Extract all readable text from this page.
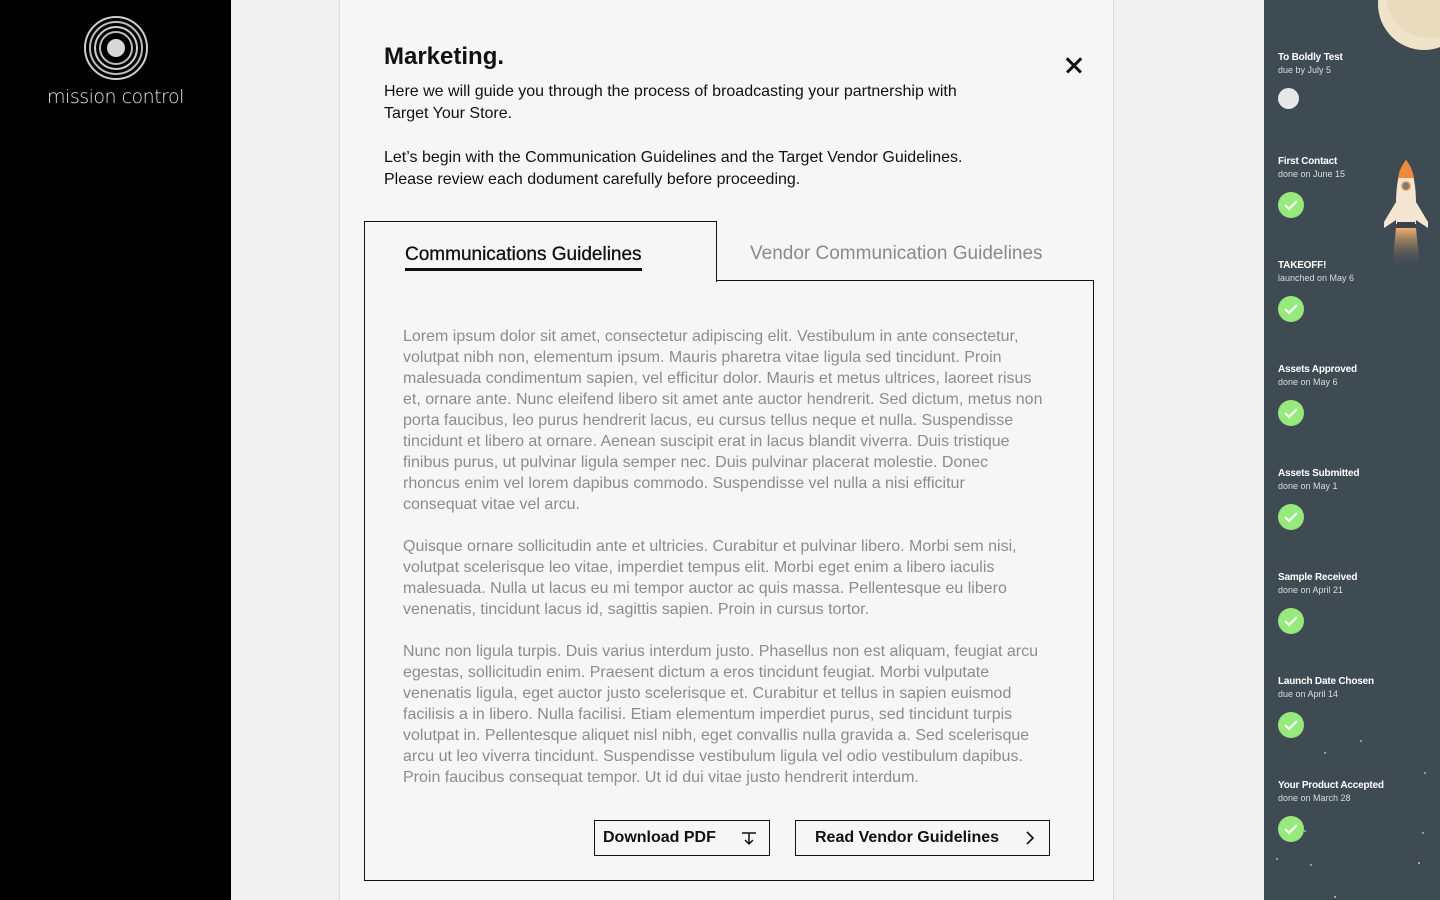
mission control
Marketing.

Here we will guide you through the process of broadcasting your partnership with Target Your Store.

Let’s begin with the Communication Guidelines and the Target Vendor Guidelines. Please review each dodument carefully before proceeding.

Communications Guidelines	Vendor Communication Guidelines

Lorem ipsum dolor sit amet, consectetur adipiscing elit. Vestibulum in ante consectetur, volutpat nibh non, elementum ipsum. Mauris pharetra vitae ligula sed tincidunt. Proin malesuada condimentum sapien, vel efficitur dolor. Mauris et metus ultrices, laoreet risus et, ornare ante. Nunc eleifend libero sit amet ante auctor hendrerit. Sed dictum, metus non porta faucibus, leo purus hendrerit lacus, eu cursus tellus neque et nulla. Suspendisse tincidunt et libero at ornare. Aenean suscipit erat in lacus blandit viverra. Duis tristique finibus purus, ut pulvinar ligula semper nec. Duis pulvinar placerat molestie. Donec rhoncus enim vel lorem dapibus commodo. Suspendisse vel nulla a nisi efficitur consequat vitae vel arcu.

Quisque ornare sollicitudin ante et ultricies. Curabitur et pulvinar libero. Morbi sem nisi, volutpat scelerisque leo vitae, imperdiet tempus elit. Morbi eget enim a libero iaculis malesuada. Nulla ut lacus eu mi tempor auctor ac quis massa. Pellentesque eu libero venenatis, tincidunt lacus id, sagittis sapien. Proin in cursus tortor.

Nunc non ligula turpis. Duis varius interdum justo. Phasellus non est aliquam, feugiat arcu egestas, sollicitudin enim. Praesent dictum a eros tincidunt feugiat. Morbi vulputate venenatis ligula, eget auctor justo scelerisque et. Curabitur et tellus in sapien euismod facilisis a in libero. Nulla facilisi. Etiam elementum imperdiet purus, sed tincidunt turpis volutpat in. Pellentesque aliquet nisl nibh, eget convallis nulla gravida a. Sed scelerisque arcu ut leo viverra tincidunt. Suspendisse vestibulum ligula vel odio vestibulum dapibus. Proin faucibus consequat tempor. Ut id dui vitae justo hendrerit interdum.

Download PDF	Read Vendor Guidelines
To Boldly Test
due by July 5
First Contact
done on June 15
TAKEOFF!
launched on May 6
Assets Approved
done on May 6
Assets Submitted
done on May 1
Sample Received
done on April 21
Launch Date Chosen
due on April 14
Your Product Accepted
done on March 28
